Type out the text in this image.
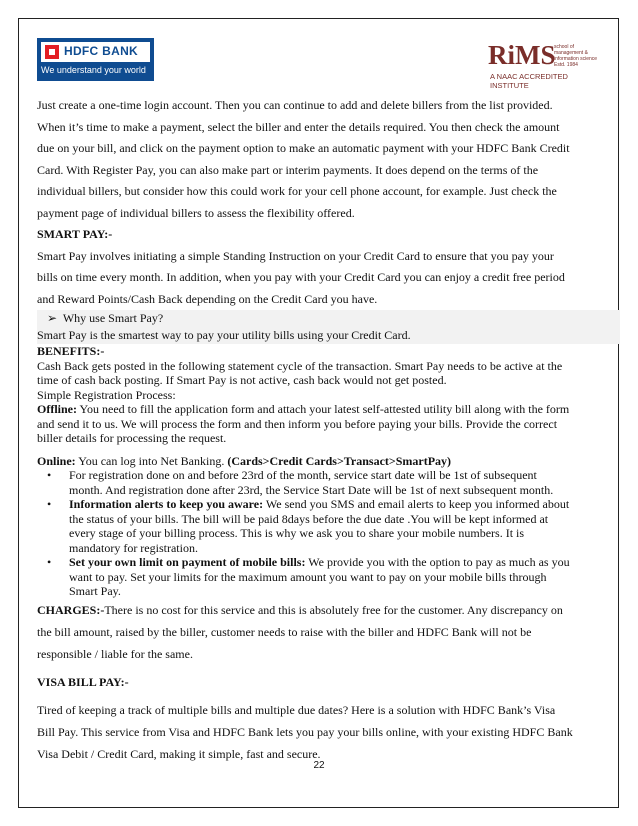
HDFC BANK
We understand your world	RiMS
school of management & information science Estd. 1984
A NAAC ACCREDITED INSTITUTE

Just create a one-time login account. Then you can continue to add and delete billers from the list provided.

When it’s time to make a payment, select the biller and enter the details required. You then check the amount

due on your bill, and click on the payment option to make an automatic payment with your HDFC Bank Credit

Card. With Register Pay, you can also make part or interim payments. It does depend on the terms of the

individual billers, but consider how this could work for your cell phone account, for example. Just check the

payment page of individual billers to assess the flexibility offered.

SMART PAY:-

Smart Pay involves initiating a simple Standing Instruction on your Credit Card to ensure that you pay your

bills on time every month. In addition, when you pay with your Credit Card you can enjoy a credit free period

and Reward Points/Cash Back depending on the Credit Card you have.

➢ Why use Smart Pay?

Smart Pay is the smartest way to pay your utility bills using your Credit Card.

BENEFITS:-

Cash Back gets posted in the following statement cycle of the transaction. Smart Pay needs to be active at the

time of cash back posting. If Smart Pay is not active, cash back would not get posted.

Simple Registration Process:

Offline: You need to fill the application form and attach your latest self-attested utility bill along with the form

and send it to us. We will process the form and then inform you before paying your bills. Provide the correct

biller details for processing the request.

Online: You can log into Net Banking. (Cards>Credit Cards>Transact>SmartPay)

• For registration done on and before 23rd of the month, service start date will be 1st of subsequent
month. And registration done after 23rd, the Service Start Date will be 1st of next subsequent month.
• Information alerts to keep you aware: We send you SMS and email alerts to keep you informed about
the status of your bills. The bill will be paid 8days before the due date .You will be kept informed at
every stage of your billing process. This is why we ask you to share your mobile numbers. It is
mandatory for registration.
• Set your own limit on payment of mobile bills: We provide you with the option to pay as much as you
want to pay. Set your limits for the maximum amount you want to pay on your mobile bills through
Smart Pay.

CHARGES:-There is no cost for this service and this is absolutely free for the customer. Any discrepancy on

the bill amount, raised by the biller, customer needs to raise with the biller and HDFC Bank will not be

responsible / liable for the same.

VISA BILL PAY:-

Tired of keeping a track of multiple bills and multiple due dates? Here is a solution with HDFC Bank’s Visa

Bill Pay. This service from Visa and HDFC Bank lets you pay your bills online, with your existing HDFC Bank

Visa Debit / Credit Card, making it simple, fast and secure.

22
